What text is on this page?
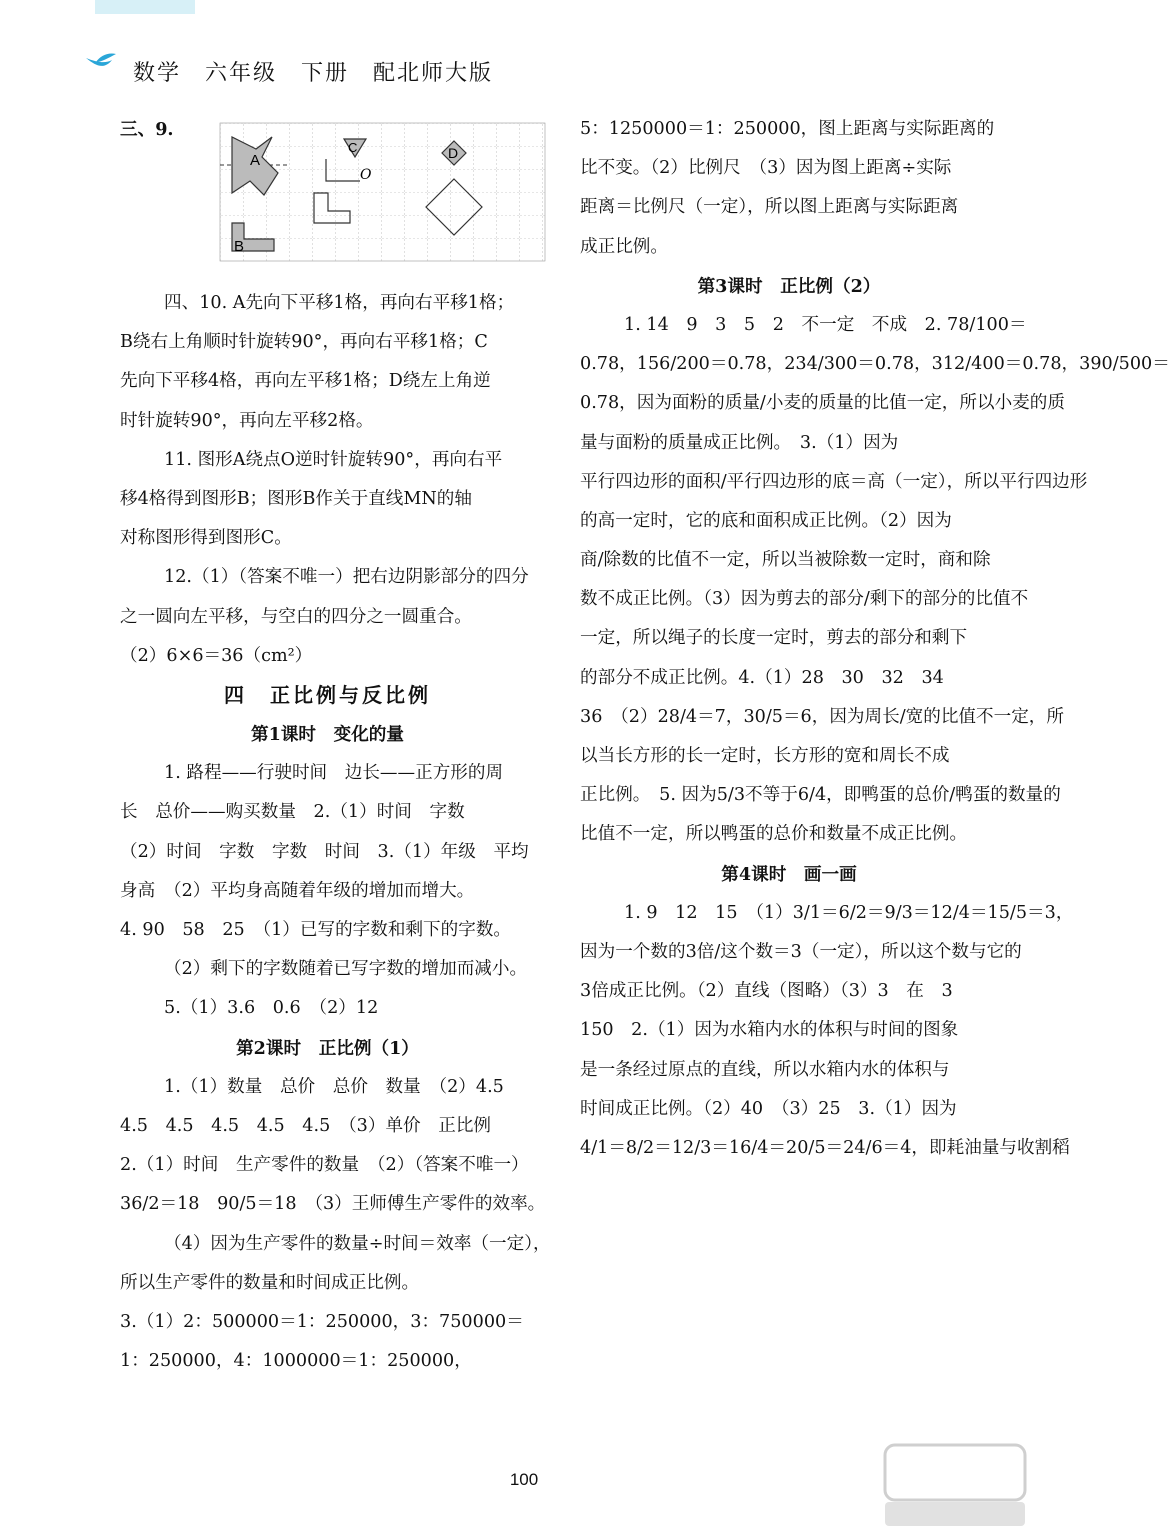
数学　六年级　下册　配北师大版
三、9.
A
B
C
O
D
四、10. A先向下平移1格，再向右平移1格；
B绕右上角顺时针旋转90°，再向右平移1格；C
先向下平移4格，再向左平移1格；D绕左上角逆
时针旋转90°，再向左平移2格。
11. 图形A绕点O逆时针旋转90°，再向右平
移4格得到图形B；图形B作关于直线MN的轴
对称图形得到图形C。
12.（1）（答案不唯一）把右边阴影部分的四分
之一圆向左平移，与空白的四分之一圆重合。
（2）6×6＝36（cm²）
四　正比例与反比例
第1课时　变化的量
1. 路程——行驶时间　边长——正方形的周
长　总价——购买数量　2.（1）时间　字数
（2）时间　字数　字数　时间　3.（1）年级　平均
身高　（2）平均身高随着年级的增加而增大。
4. 90　58　25　（1）已写的字数和剩下的字数。
（2）剩下的字数随着已写字数的增加而减小。
5.（1）3.6　0.6　（2）12
第2课时　正比例（1）
1.（1）数量　总价　总价　数量　（2）4.5
4.5　4.5　4.5　4.5　4.5　（3）单价　正比例
2.（1）时间　生产零件的数量　（2）（答案不唯一）
36/2＝18　90/5＝18　（3）王师傅生产零件的效率。
（4）因为生产零件的数量÷时间＝效率（一定），
所以生产零件的数量和时间成正比例。
3.（1）2：500000＝1：250000，3：750000＝
1：250000，4：1000000＝1：250000，
5：1250000＝1：250000，图上距离与实际距离的
比不变。（2）比例尺　（3）因为图上距离÷实际
距离＝比例尺（一定），所以图上距离与实际距离
成正比例。
第3课时　正比例（2）
1. 14　9　3　5　2　不一定　不成　2. 78/100＝
0.78，156/200＝0.78，234/300＝0.78，312/400＝0.78，390/500＝
0.78，因为面粉的质量/小麦的质量的比值一定，所以小麦的质
量与面粉的质量成正比例。　3.（1）因为
平行四边形的面积/平行四边形的底＝高（一定），所以平行四边形
的高一定时，它的底和面积成正比例。（2）因为
商/除数的比值不一定，所以当被除数一定时，商和除
数不成正比例。（3）因为剪去的部分/剩下的部分的比值不
一定，所以绳子的长度一定时，剪去的部分和剩下
的部分不成正比例。4.（1）28　30　32　34
36　（2）28/4＝7，30/5＝6，因为周长/宽的比值不一定，所
以当长方形的长一定时，长方形的宽和周长不成
正比例。　5. 因为5/3不等于6/4，即鸭蛋的总价/鸭蛋的数量的
比值不一定，所以鸭蛋的总价和数量不成正比例。
第4课时　画一画
1. 9　12　15　（1）3/1＝6/2＝9/3＝12/4＝15/5＝3，
因为一个数的3倍/这个数＝3（一定），所以这个数与它的
3倍成正比例。（2）直线（图略）（3）3　在　3
150　2.（1）因为水箱内水的体积与时间的图象
是一条经过原点的直线，所以水箱内水的体积与
时间成正比例。（2）40　（3）25　3.（1）因为
4/1＝8/2＝12/3＝16/4＝20/5＝24/6＝4，即耗油量与收割稻
100
